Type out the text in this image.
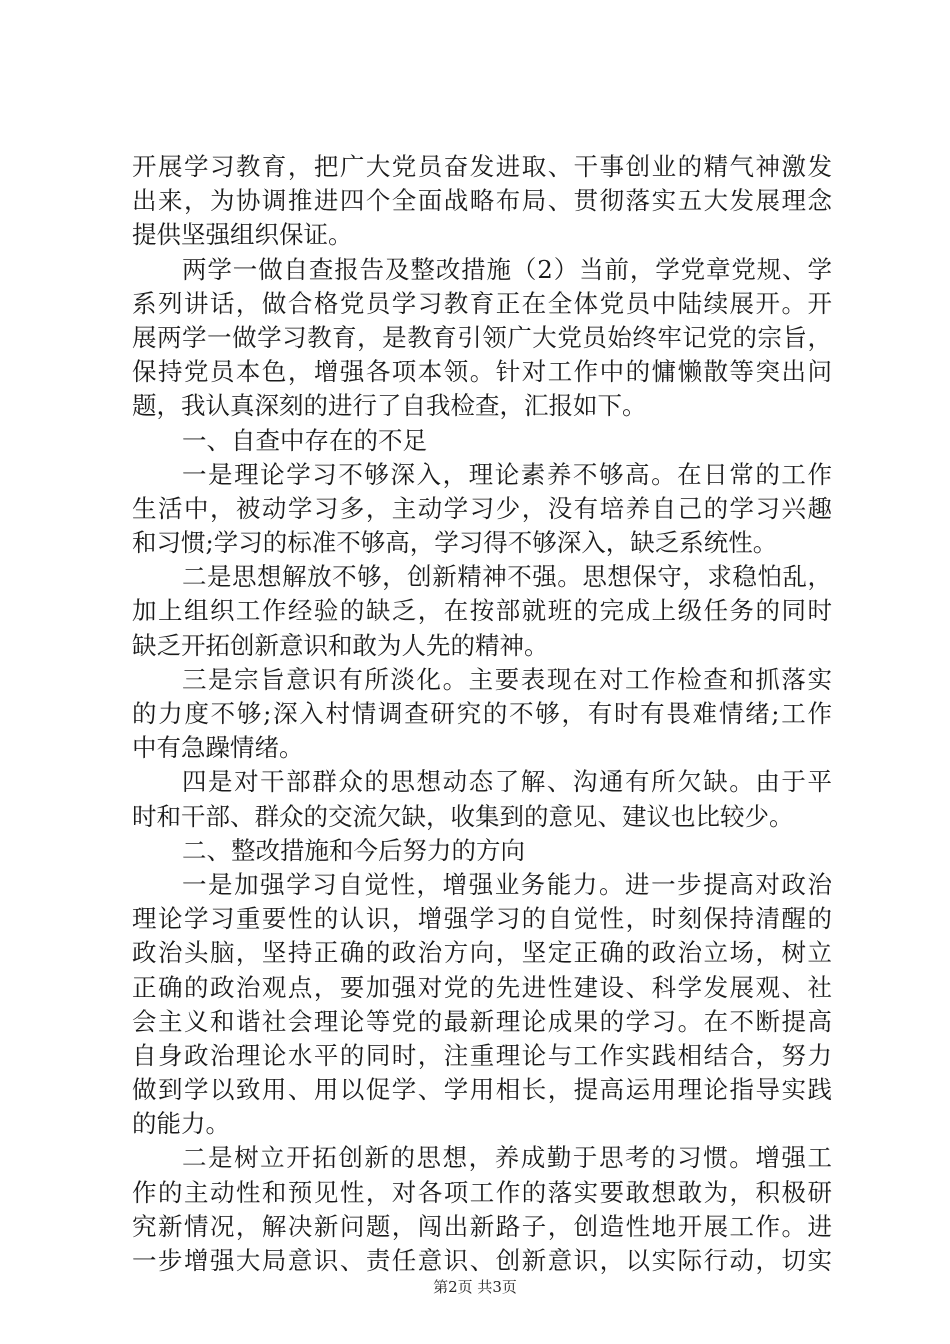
开展学习教育，把广大党员奋发进取、干事创业的精气神激发
出来，为协调推进四个全面战略布局、贯彻落实五大发展理念
提供坚强组织保证。
两学一做自查报告及整改措施（2）当前，学党章党规、学
系列讲话，做合格党员学习教育正在全体党员中陆续展开。开
展两学一做学习教育，是教育引领广大党员始终牢记党的宗旨，
保持党员本色，增强各项本领。针对工作中的慵懒散等突出问
题，我认真深刻的进行了自我检查，汇报如下。
一、自查中存在的不足
一是理论学习不够深入，理论素养不够高。在日常的工作
生活中，被动学习多，主动学习少，没有培养自己的学习兴趣
和习惯;学习的标准不够高，学习得不够深入，缺乏系统性。
二是思想解放不够，创新精神不强。思想保守，求稳怕乱，
加上组织工作经验的缺乏，在按部就班的完成上级任务的同时
缺乏开拓创新意识和敢为人先的精神。
三是宗旨意识有所淡化。主要表现在对工作检查和抓落实
的力度不够;深入村情调查研究的不够，有时有畏难情绪;工作
中有急躁情绪。
四是对干部群众的思想动态了解、沟通有所欠缺。由于平
时和干部、群众的交流欠缺，收集到的意见、建议也比较少。
二、整改措施和今后努力的方向
一是加强学习自觉性，增强业务能力。进一步提高对政治
理论学习重要性的认识，增强学习的自觉性，时刻保持清醒的
政治头脑，坚持正确的政治方向，坚定正确的政治立场，树立
正确的政治观点，要加强对党的先进性建设、科学发展观、社
会主义和谐社会理论等党的最新理论成果的学习。在不断提高
自身政治理论水平的同时，注重理论与工作实践相结合，努力
做到学以致用、用以促学、学用相长，提高运用理论指导实践
的能力。
二是树立开拓创新的思想，养成勤于思考的习惯。增强工
作的主动性和预见性，对各项工作的落实要敢想敢为，积极研
究新情况，解决新问题，闯出新路子，创造性地开展工作。进
一步增强大局意识、责任意识、创新意识，以实际行动，切实
第2页 共3页
